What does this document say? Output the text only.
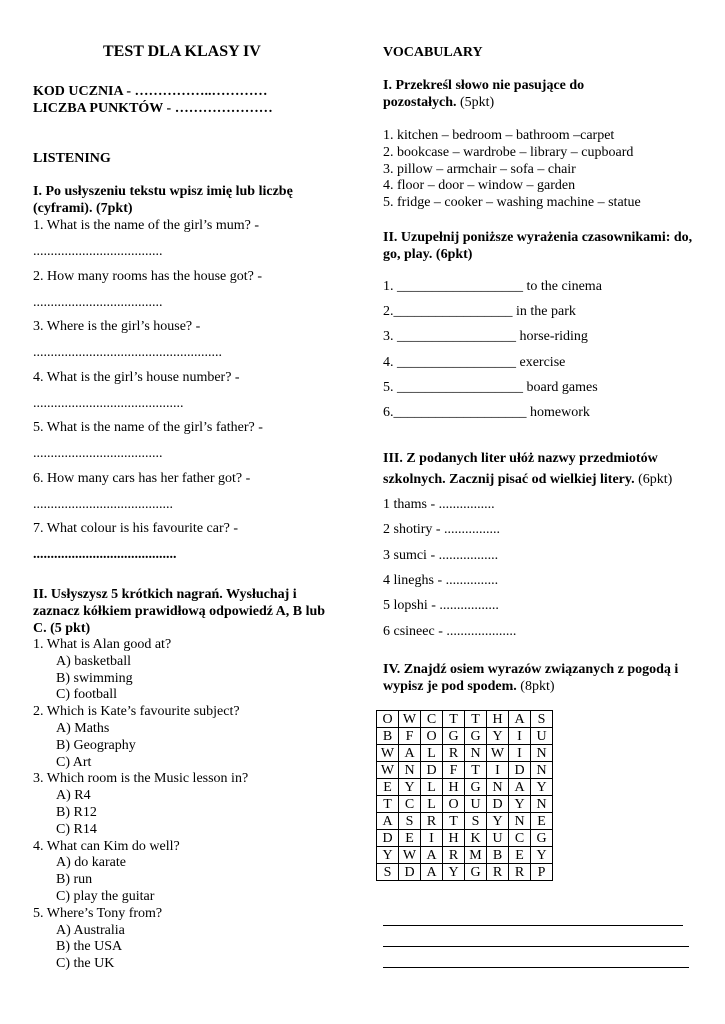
TEST DLA KLASY IV
KOD UCZNIA - ……………..…………
LICZBA PUNKTÓW - …………………
LISTENING
I. Po usłyszeniu tekstu wpisz imię lub liczbę (cyframi). (7pkt)
1. What is the name of the girl’s mum? -
.....................................
2. How many rooms has the house got? -
.....................................
3. Where is the girl’s house? -
......................................................
4. What is the girl’s house number? -
...........................................
5. What is the name of the girl’s father? -
.....................................
6. How many cars has her father got? -
........................................
7. What colour is his favourite car? -
.........................................
II. Usłyszysz 5 krótkich nagrań. Wysłuchaj i zaznacz kółkiem prawidłową odpowiedź A, B lub C. (5 pkt)
1. What is Alan good at?
A) basketball
B) swimming
C) football
2. Which is Kate’s favourite subject?
A) Maths
B) Geography
C) Art
3. Which room is the Music lesson in?
A) R4
B) R12
C) R14
4. What can Kim do well?
A) do karate
B) run
C) play the guitar
5. Where’s Tony from?
A) Australia
B) the USA
C) the UK
VOCABULARY
I. Przekreśl słowo nie pasujące do pozostałych. (5pkt)
1. kitchen – bedroom – bathroom –carpet
2. bookcase – wardrobe – library – cupboard
3. pillow – armchair – sofa – chair
4. floor – door – window – garden
5. fridge – cooker – washing machine – statue
II. Uzupełnij poniższe wyrażenia czasownikami: do, go, play. (6pkt)
1. __________________ to the cinema
2._________________ in the park
3. _________________ horse-riding
4. _________________ exercise
5. __________________ board games
6.___________________ homework
III. Z podanych liter ułóż nazwy przedmiotów
szkolnych. Zacznij pisać od wielkiej litery. (6pkt)
1 thams - ................
2 shotiry - ................
3 sumci - .................
4 lineghs - ...............
5 lopshi - .................
6 csineec - ....................
IV. Znajdź osiem wyrazów związanych z pogodą i wypisz je pod spodem. (8pkt)
O	W	C	T	T	H	A	S
B	F	O	G	G	Y	I	U
W	A	L	R	N	W	I	N
W	N	D	F	T	I	D	N
E	Y	L	H	G	N	A	Y
T	C	L	O	U	D	Y	N
A	S	R	T	S	Y	N	E
D	E	I	H	K	U	C	G
Y	W	A	R	M	B	E	Y
S	D	A	Y	G	R	R	P
